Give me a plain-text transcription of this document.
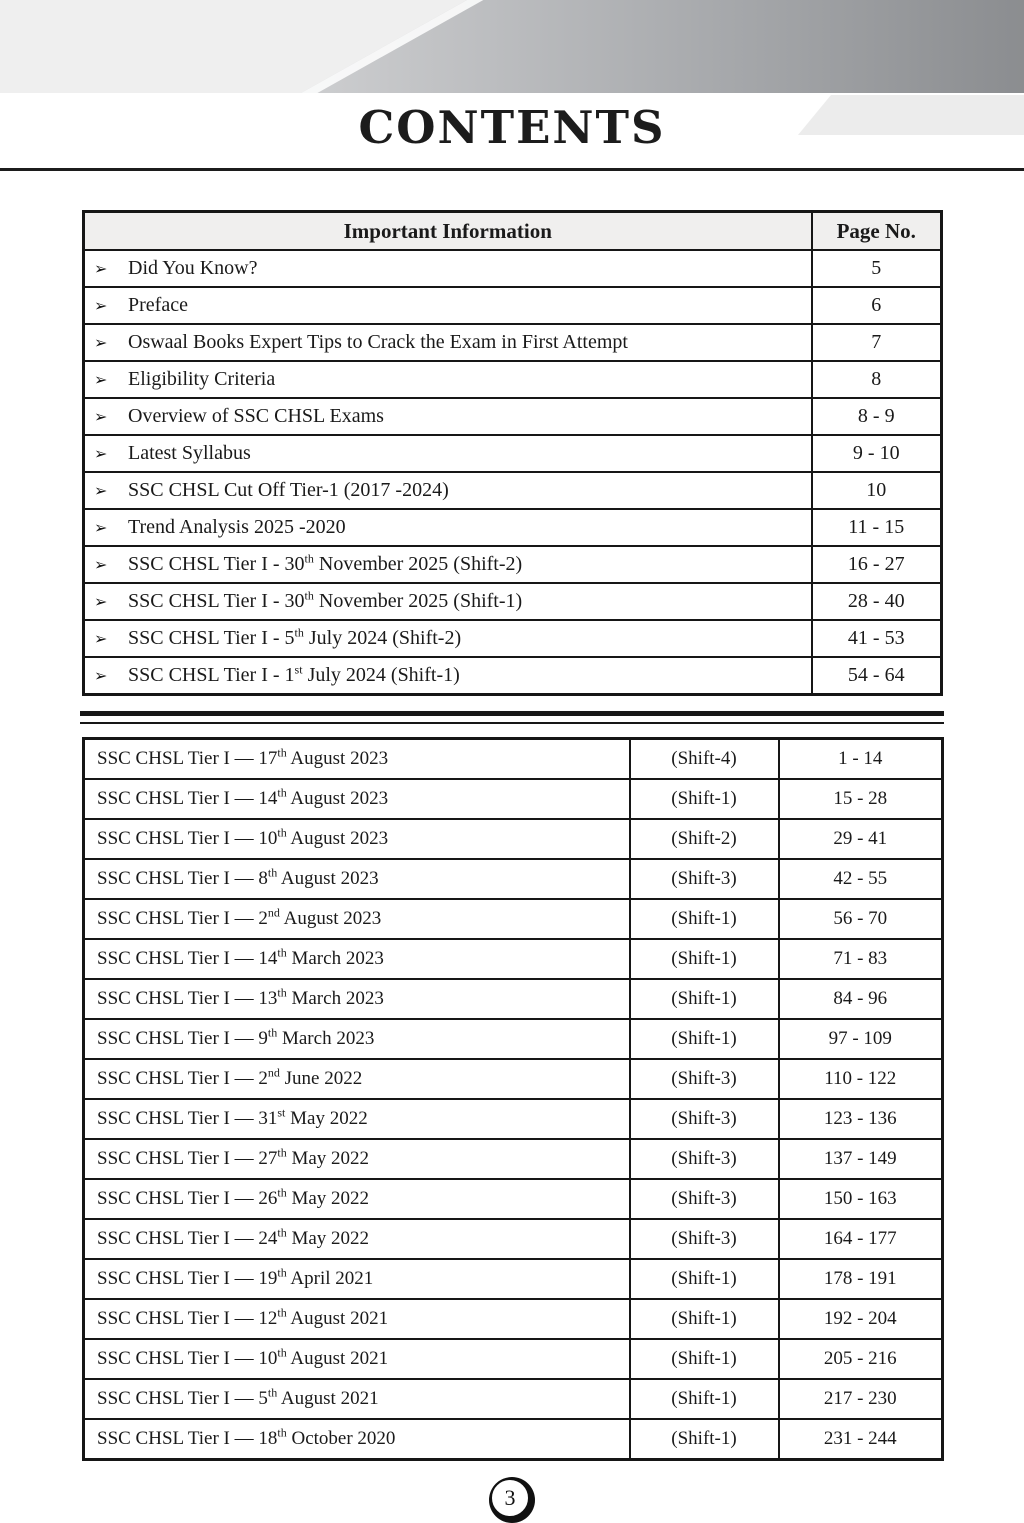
CONTENTS
Important Information	Page No.
➢ Did You Know?	5
➢ Preface	6
➢ Oswaal Books Expert Tips to Crack the Exam in First Attempt	7
➢ Eligibility Criteria	8
➢ Overview of SSC CHSL Exams	8 - 9
➢ Latest Syllabus	9 - 10
➢ SSC CHSL Cut Off Tier-1 (2017 -2024)	10
➢ Trend Analysis 2025 -2020	11 - 15
➢ SSC CHSL Tier I - 30th November 2025 (Shift-2)	16 - 27
➢ SSC CHSL Tier I - 30th November 2025 (Shift-1)	28 - 40
➢ SSC CHSL Tier I - 5th July 2024 (Shift-2)	41 - 53
➢ SSC CHSL Tier I - 1st July 2024 (Shift-1)	54 - 64
SSC CHSL Tier I — 17th August 2023	(Shift-4)	1 - 14
SSC CHSL Tier I — 14th August 2023	(Shift-1)	15 - 28
SSC CHSL Tier I — 10th August 2023	(Shift-2)	29 - 41
SSC CHSL Tier I — 8th August 2023	(Shift-3)	42 - 55
SSC CHSL Tier I — 2nd August 2023	(Shift-1)	56 - 70
SSC CHSL Tier I — 14th March 2023	(Shift-1)	71 - 83
SSC CHSL Tier I — 13th March 2023	(Shift-1)	84 - 96
SSC CHSL Tier I — 9th March 2023	(Shift-1)	97 - 109
SSC CHSL Tier I — 2nd June 2022	(Shift-3)	110 - 122
SSC CHSL Tier I — 31st May 2022	(Shift-3)	123 - 136
SSC CHSL Tier I — 27th May 2022	(Shift-3)	137 - 149
SSC CHSL Tier I — 26th May 2022	(Shift-3)	150 - 163
SSC CHSL Tier I — 24th May 2022	(Shift-3)	164 - 177
SSC CHSL Tier I — 19th April 2021	(Shift-1)	178 - 191
SSC CHSL Tier I — 12th August 2021	(Shift-1)	192 - 204
SSC CHSL Tier I — 10th August 2021	(Shift-1)	205 - 216
SSC CHSL Tier I — 5th August 2021	(Shift-1)	217 - 230
SSC CHSL Tier I — 18th October 2020	(Shift-1)	231 - 244
3
